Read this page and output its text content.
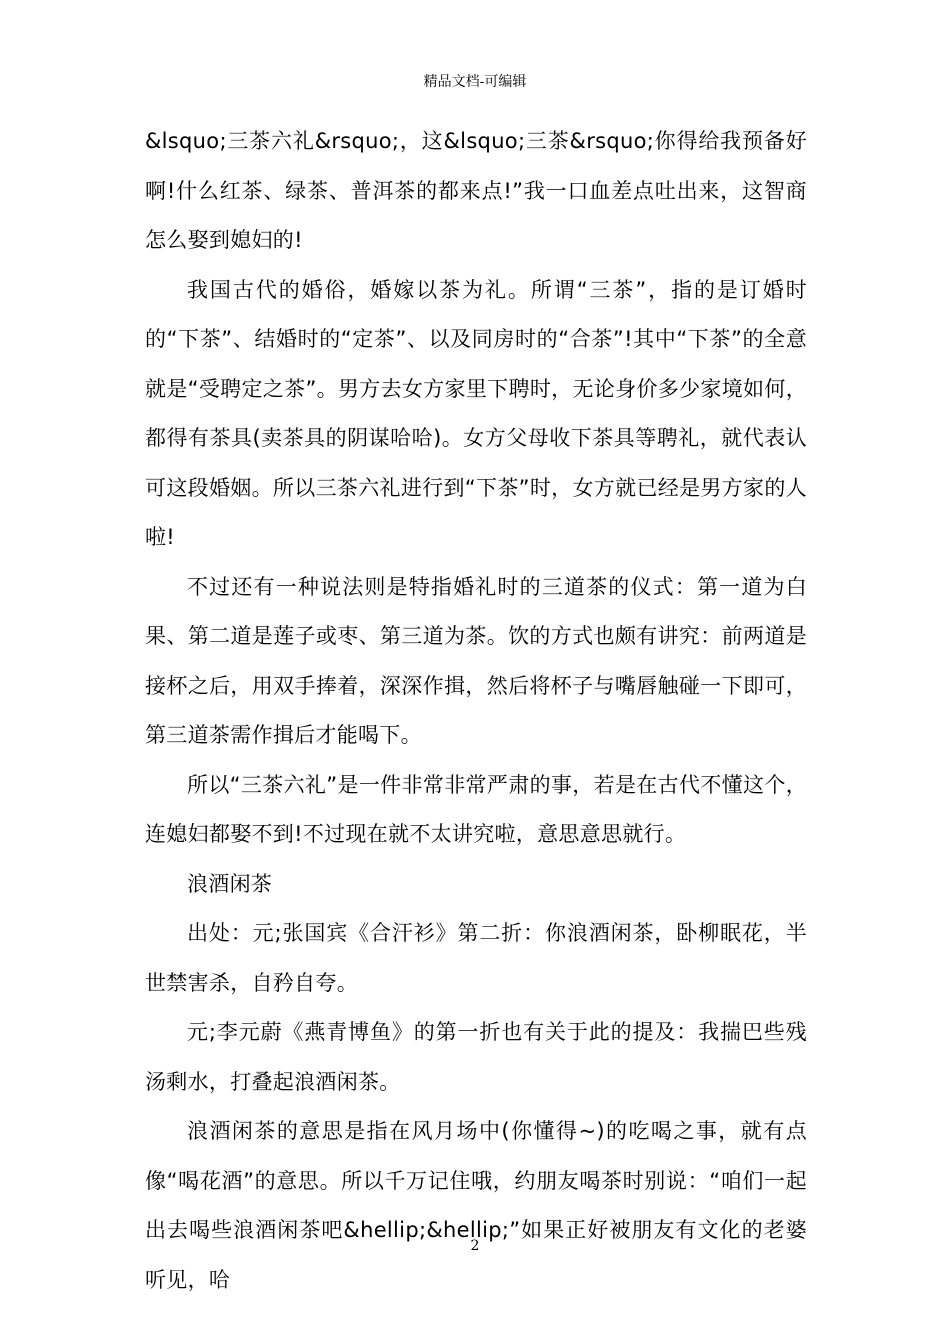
精品文档-可编辑

&lsquo;三茶六礼&rsquo;，这&lsquo;三茶&rsquo;你得给我预备好啊!什么红茶、绿茶、普洱茶的都来点!”我一口血差点吐出来，这智商怎么娶到媳妇的!

我国古代的婚俗，婚嫁以茶为礼。所谓“三茶”，指的是订婚时的“下茶”、结婚时的“定茶”、以及同房时的“合茶”!其中“下茶”的全意就是“受聘定之茶”。男方去女方家里下聘时，无论身价多少家境如何，都得有茶具(卖茶具的阴谋哈哈)。女方父母收下茶具等聘礼，就代表认可这段婚姻。所以三茶六礼进行到“下茶”时，女方就已经是男方家的人啦!

不过还有一种说法则是特指婚礼时的三道茶的仪式：第一道为白果、第二道是莲子或枣、第三道为茶。饮的方式也颇有讲究：前两道是接杯之后，用双手捧着，深深作揖，然后将杯子与嘴唇触碰一下即可，第三道茶需作揖后才能喝下。

所以“三茶六礼”是一件非常非常严肃的事，若是在古代不懂这个，连媳妇都娶不到!不过现在就不太讲究啦，意思意思就行。

浪酒闲茶

出处：元;张国宾《合汗衫》第二折：你浪酒闲茶，卧柳眠花，半世禁害杀，自矜自夸。

元;李元蔚《燕青博鱼》的第一折也有关于此的提及：我揣巴些残汤剩水，打叠起浪酒闲茶。

浪酒闲茶的意思是指在风月场中(你懂得~)的吃喝之事，就有点像“喝花酒”的意思。所以千万记住哦，约朋友喝茶时别说：“咱们一起出去喝些浪酒闲茶吧&hellip;&hellip;”如果正好被朋友有文化的老婆听见，哈

2
